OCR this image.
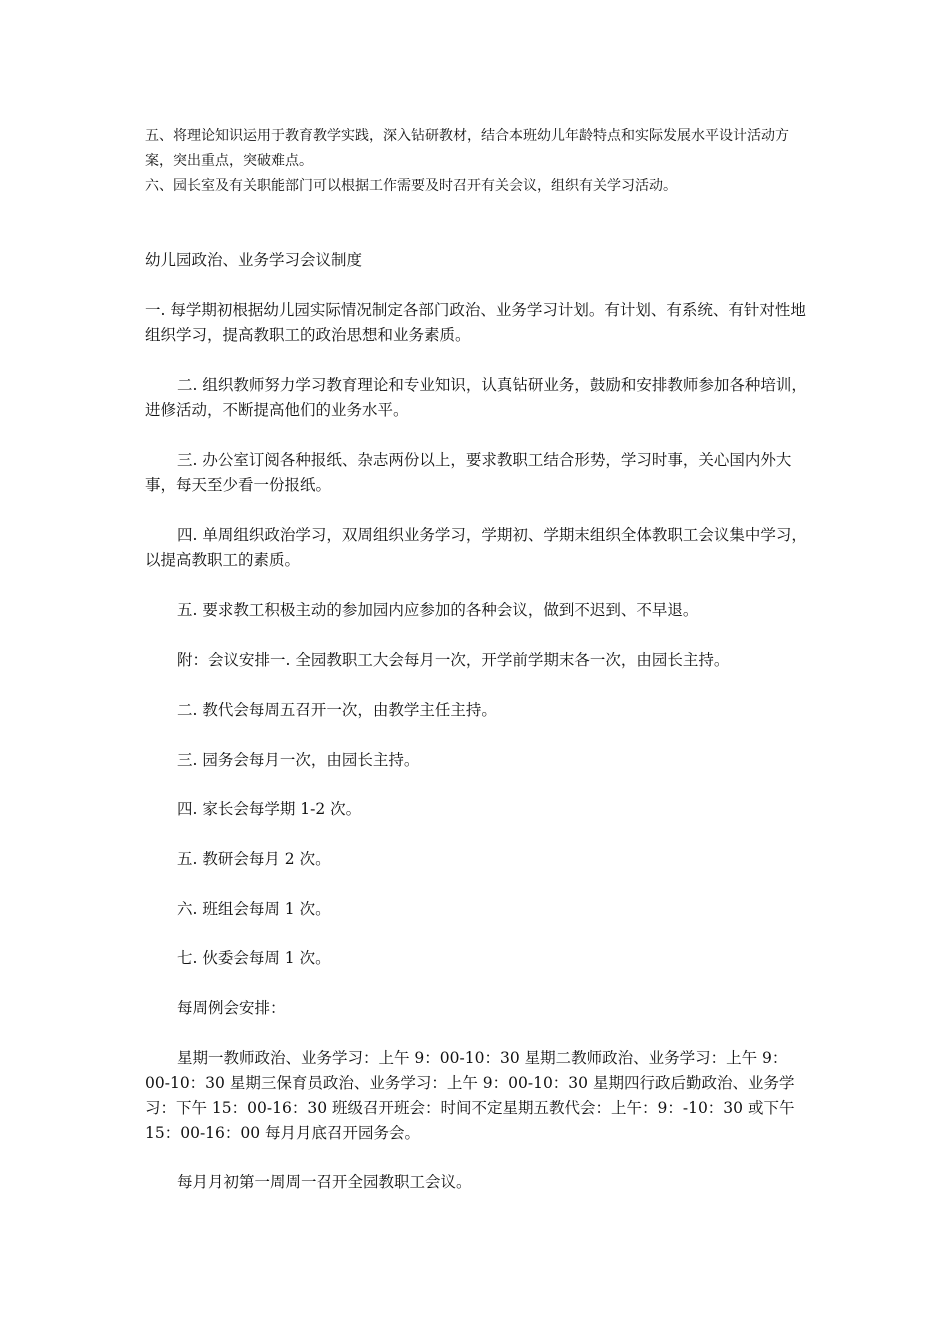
五、将理论知识运用于教育教学实践，深入钻研教材，结合本班幼儿年龄特点和实际发展水平设计活动方案，突出重点，突破难点。

六、园长室及有关职能部门可以根据工作需要及时召开有关会议，组织有关学习活动。

幼儿园政治、业务学习会议制度

一. 每学期初根据幼儿园实际情况制定各部门政治、业务学习计划。有计划、有系统、有针对性地组织学习，提高教职工的政治思想和业务素质。

二. 组织教师努力学习教育理论和专业知识，认真钻研业务，鼓励和安排教师参加各种培训，进修活动，不断提高他们的业务水平。

三. 办公室订阅各种报纸、杂志两份以上，要求教职工结合形势，学习时事，关心国内外大事，每天至少看一份报纸。

四. 单周组织政治学习，双周组织业务学习，学期初、学期末组织全体教职工会议集中学习，以提高教职工的素质。

五. 要求教工积极主动的参加园内应参加的各种会议，做到不迟到、不早退。

附：会议安排一. 全园教职工大会每月一次，开学前学期末各一次，由园长主持。

二. 教代会每周五召开一次，由教学主任主持。

三. 园务会每月一次，由园长主持。

四. 家长会每学期 1-2 次。

五. 教研会每月 2 次。

六. 班组会每周 1 次。

七. 伙委会每周 1 次。

每周例会安排：

星期一教师政治、业务学习：上午 9：00-10：30 星期二教师政治、业务学习：上午 9：00-10：30 星期三保育员政治、业务学习：上午 9：00-10：30 星期四行政后勤政治、业务学习：下午 15：00-16：30 班级召开班会：时间不定星期五教代会：上午：9：-10：30 或下午 15：00-16：00 每月月底召开园务会。

每月月初第一周周一召开全园教职工会议。
